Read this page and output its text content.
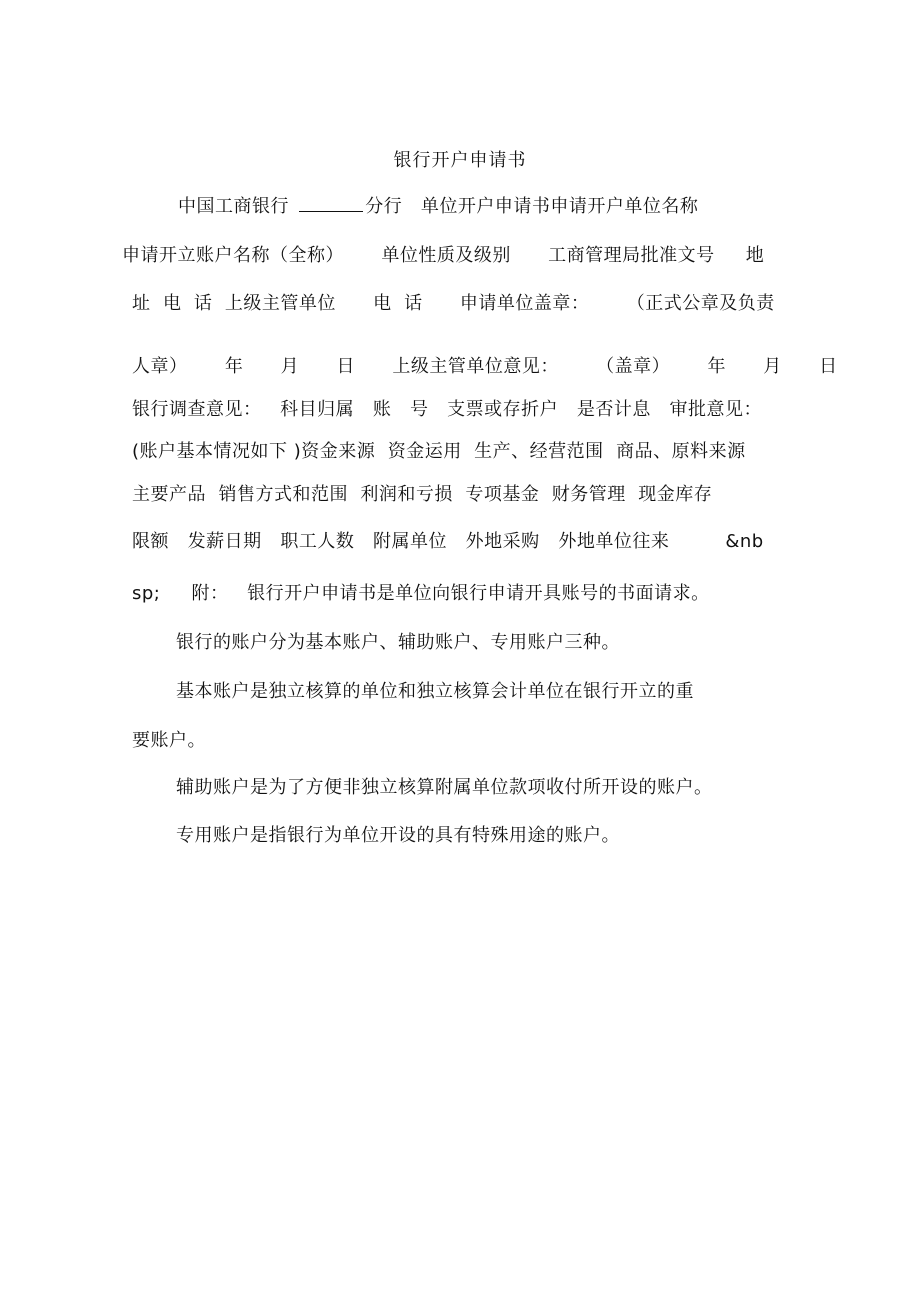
银行开户申请书
中国工商银行	分行   单位开户申请书申请开户单位名称
申请开立账户名称（全称）      单位性质及级别      工商管理局批准文号     地
址  电  话  上级主管单位      电  话      申请单位盖章：      （正式公章及负责
人章）      年      月      日      上级主管单位意见：      （盖章）      年      月      日
银行调查意见：   科目归属   账   号   支票或存折户   是否计息   审批意见：
(账户基本情况如下 )资金来源  资金运用  生产、经营范围  商品、原料来源
主要产品  销售方式和范围  利润和亏损  专项基金  财务管理  现金库存
限额   发薪日期   职工人数   附属单位   外地采购   外地单位往来         &nb
sp;     附：   银行开户申请书是单位向银行申请开具账号的书面请求。
银行的账户分为基本账户、辅助账户、专用账户三种。
基本账户是独立核算的单位和独立核算会计单位在银行开立的重
要账户。
辅助账户是为了方便非独立核算附属单位款项收付所开设的账户。
专用账户是指银行为单位开设的具有特殊用途的账户。
